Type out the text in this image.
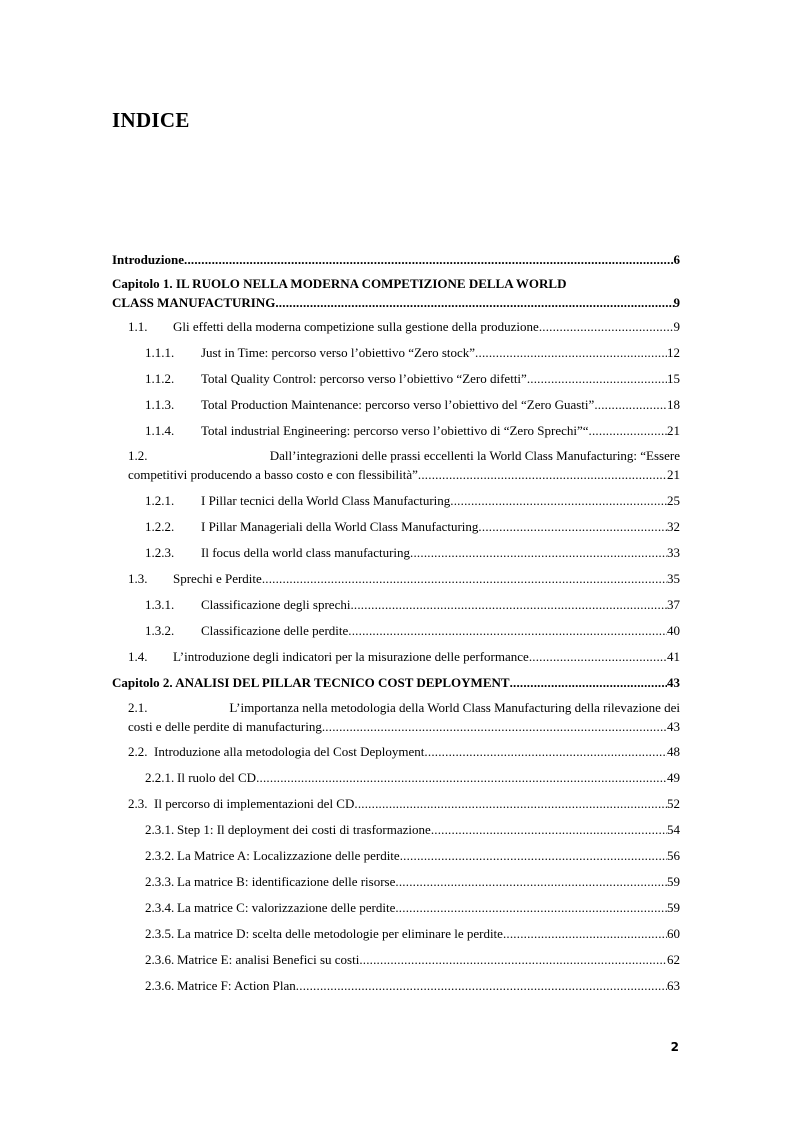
INDICE
Introduzione .....	6
Capitolo 1. IL RUOLO NELLA MODERNA COMPETIZIONE DELLA WORLD
CLASS MANUFACTURING .....	9
1.1.	Gli effetti della moderna competizione sulla gestione della produzione .....	9
1.1.1.	Just in Time: percorso verso l’obiettivo “Zero stock” .....	12
1.1.2.	Total Quality Control: percorso verso l’obiettivo “Zero difetti” .....	15
1.1.3.	Total Production Maintenance: percorso verso l’obiettivo del “Zero Guasti” .....	18
1.1.4.	Total industrial Engineering: percorso verso l’obiettivo di “Zero Sprechi”“ .....	21
1.2.	Dall’integrazioni delle prassi eccellenti la World Class Manufacturing: “Essere
competitivi producendo a basso costo e con flessibilità” .....	21
1.2.1.	I Pillar tecnici della World Class Manufacturing .....	25
1.2.2.	I Pillar Manageriali della World Class Manufacturing .....	32
1.2.3.	Il focus della world class manufacturing .....	33
1.3.	Sprechi e Perdite .....	35
1.3.1.	Classificazione degli sprechi .....	37
1.3.2.	Classificazione delle perdite .....	40
1.4.	L’introduzione degli indicatori per la misurazione delle performance .....	41
Capitolo 2. ANALISI DEL PILLAR TECNICO COST DEPLOYMENT .....	43
2.1.	L’importanza nella metodologia della World Class Manufacturing della rilevazione dei
costi e delle perdite di manufacturing .....	43
2.2. Introduzione alla metodologia del Cost Deployment .....	48
2.2.1. Il ruolo del CD .....	49
2.3. Il percorso di implementazioni del CD .....	52
2.3.1. Step 1: Il deployment dei costi di trasformazione .....	54
2.3.2. La Matrice A: Localizzazione delle perdite .....	56
2.3.3. La matrice B: identificazione delle risorse .....	59
2.3.4. La matrice C: valorizzazione delle perdite .....	59
2.3.5. La matrice D: scelta delle metodologie per eliminare le perdite .....	60
2.3.6. Matrice E: analisi Benefici su costi .....	62
2.3.6. Matrice F: Action Plan .....	63
2
